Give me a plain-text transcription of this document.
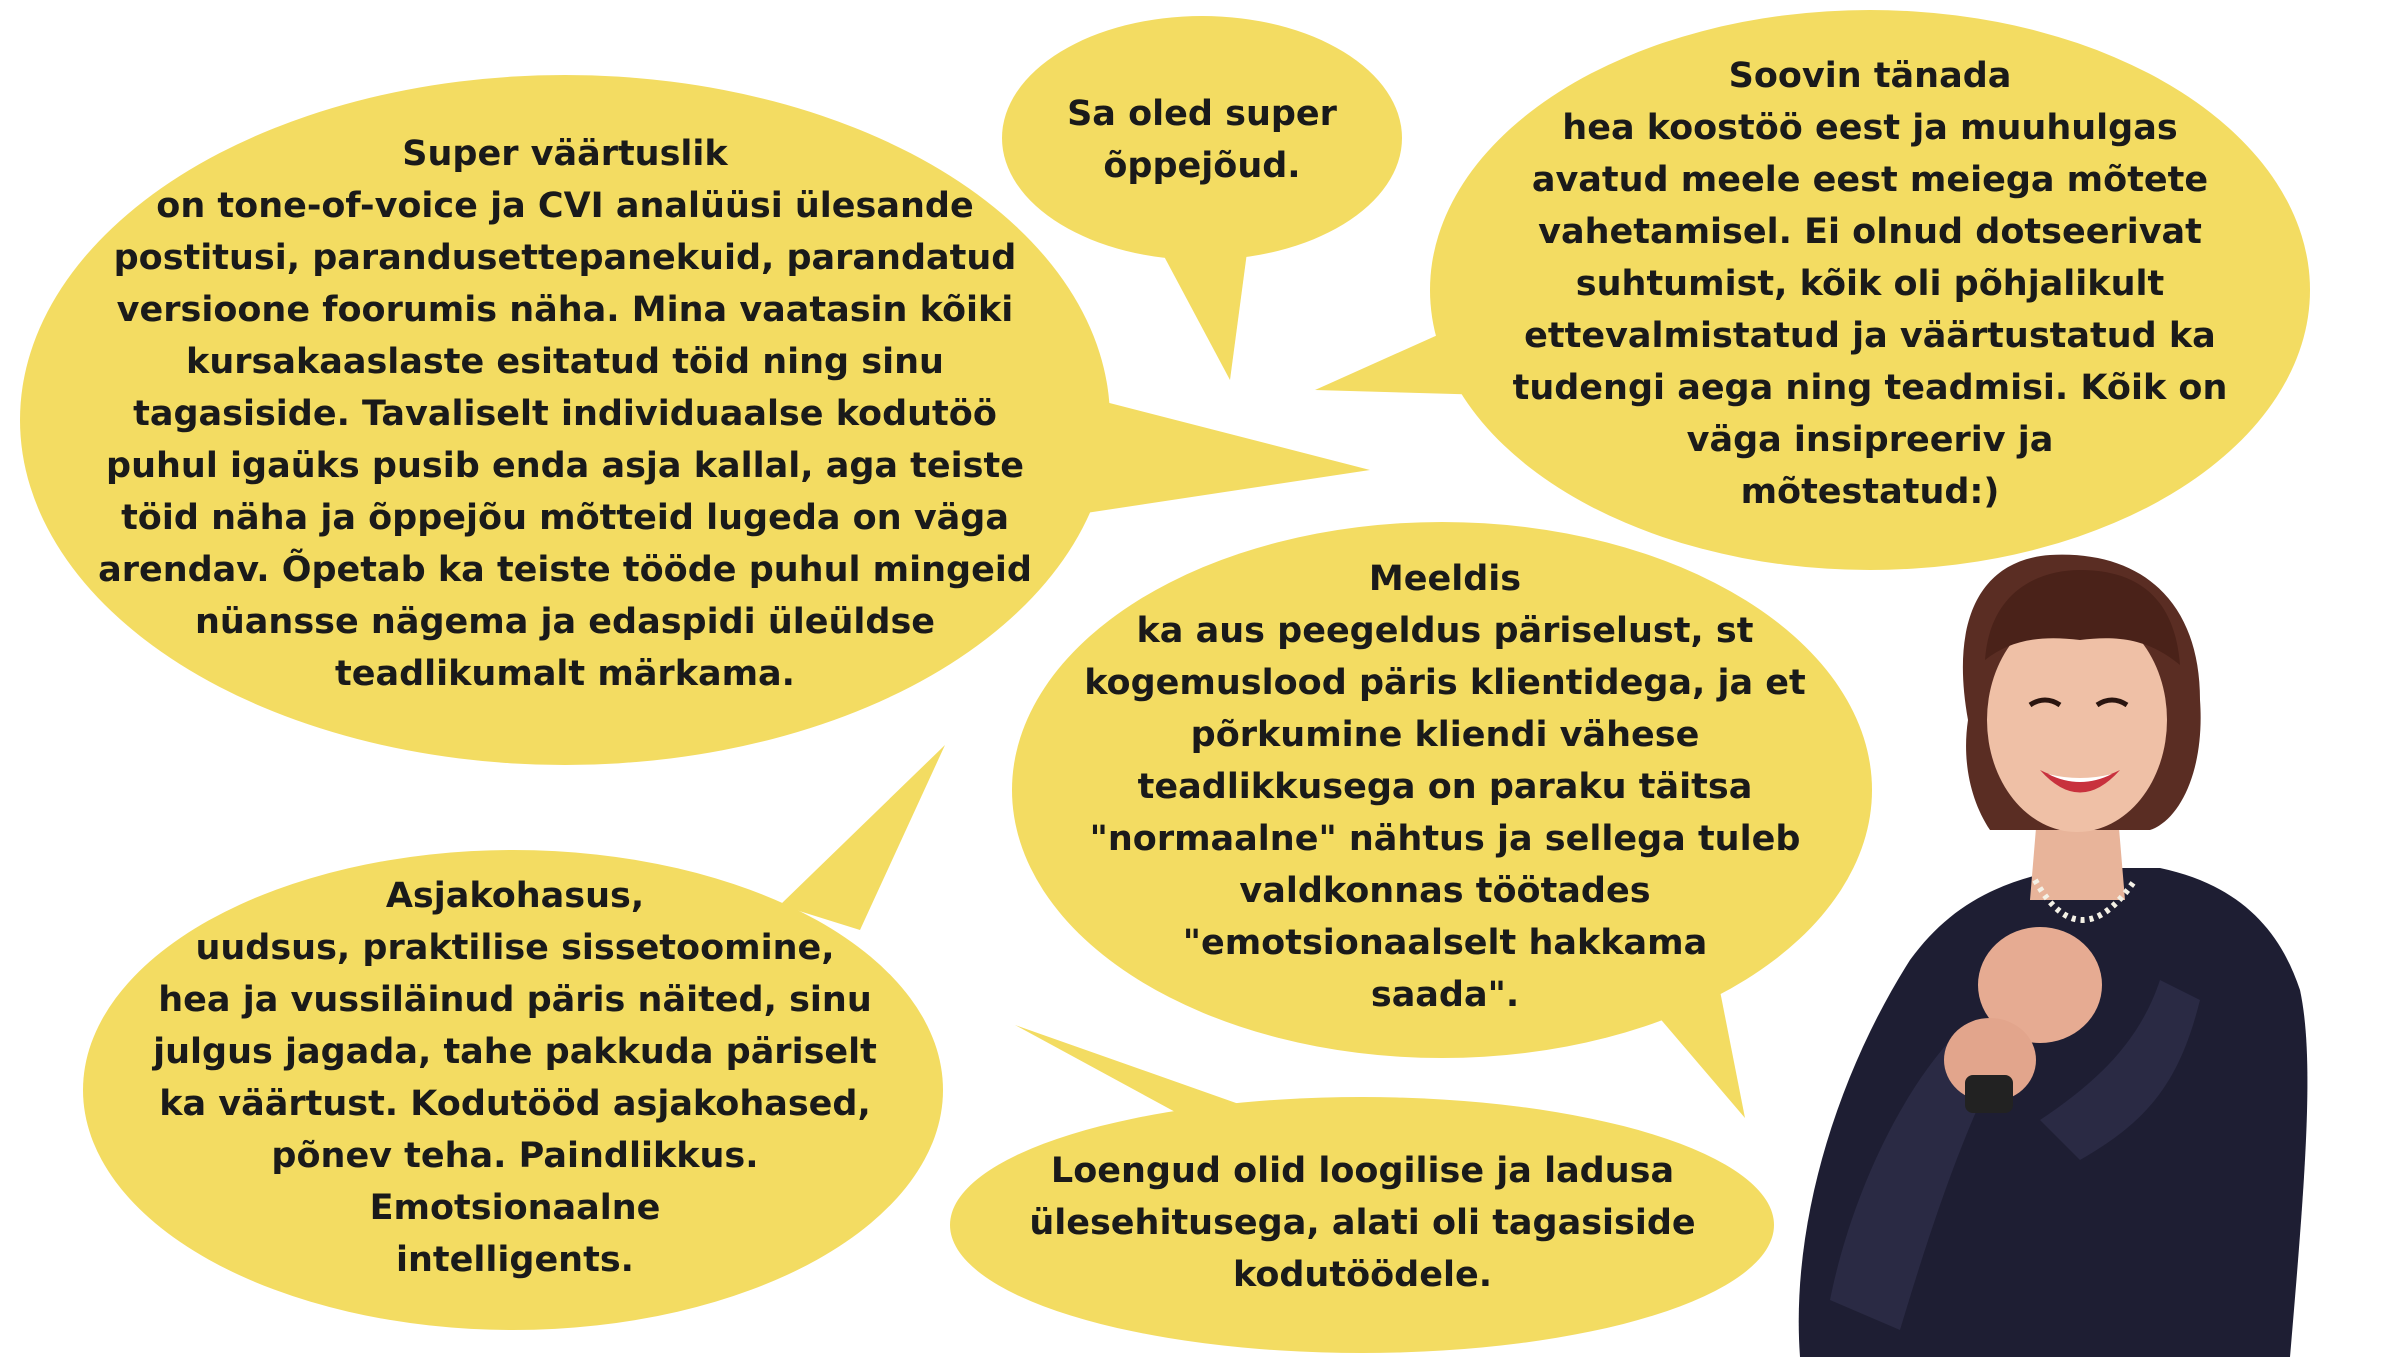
Super väärtuslik
on tone-of-voice ja CVI analüüsi ülesande
postitusi, parandusettepanekuid, parandatud
versioone foorumis näha. Mina vaatasin kõiki
kursakaaslaste esitatud töid ning sinu
tagasiside. Tavaliselt individuaalse kodutöö
puhul igaüks pusib enda asja kallal, aga teiste
töid näha ja õppejõu mõtteid lugeda on väga
arendav. Õpetab ka teiste tööde puhul mingeid
nüansse nägema ja edaspidi üleüldse
teadlikumalt märkama.
Sa oled super
õppejõud.
Soovin tänada
hea koostöö eest ja muuhulgas
avatud meele eest meiega mõtete
vahetamisel. Ei olnud dotseerivat
suhtumist, kõik oli põhjalikult
ettevalmistatud ja väärtustatud ka
tudengi aega ning teadmisi. Kõik on
väga insipreeriv ja
mõtestatud:)
Meeldis
ka aus peegeldus päriselust, st
kogemuslood päris klientidega, ja et
põrkumine kliendi vähese
teadlikkusega on paraku täitsa
"normaalne" nähtus ja sellega tuleb
valdkonnas töötades
"emotsionaalselt hakkama
saada".
Asjakohasus,
uudsus, praktilise sissetoomine,
hea ja vussiläinud päris näited, sinu
julgus jagada, tahe pakkuda päriselt
ka väärtust. Kodutööd asjakohased,
põnev teha. Paindlikkus.
Emotsionaalne
intelligents.
Loengud olid loogilise ja ladusa
ülesehitusega, alati oli tagasiside
kodutöödele.
